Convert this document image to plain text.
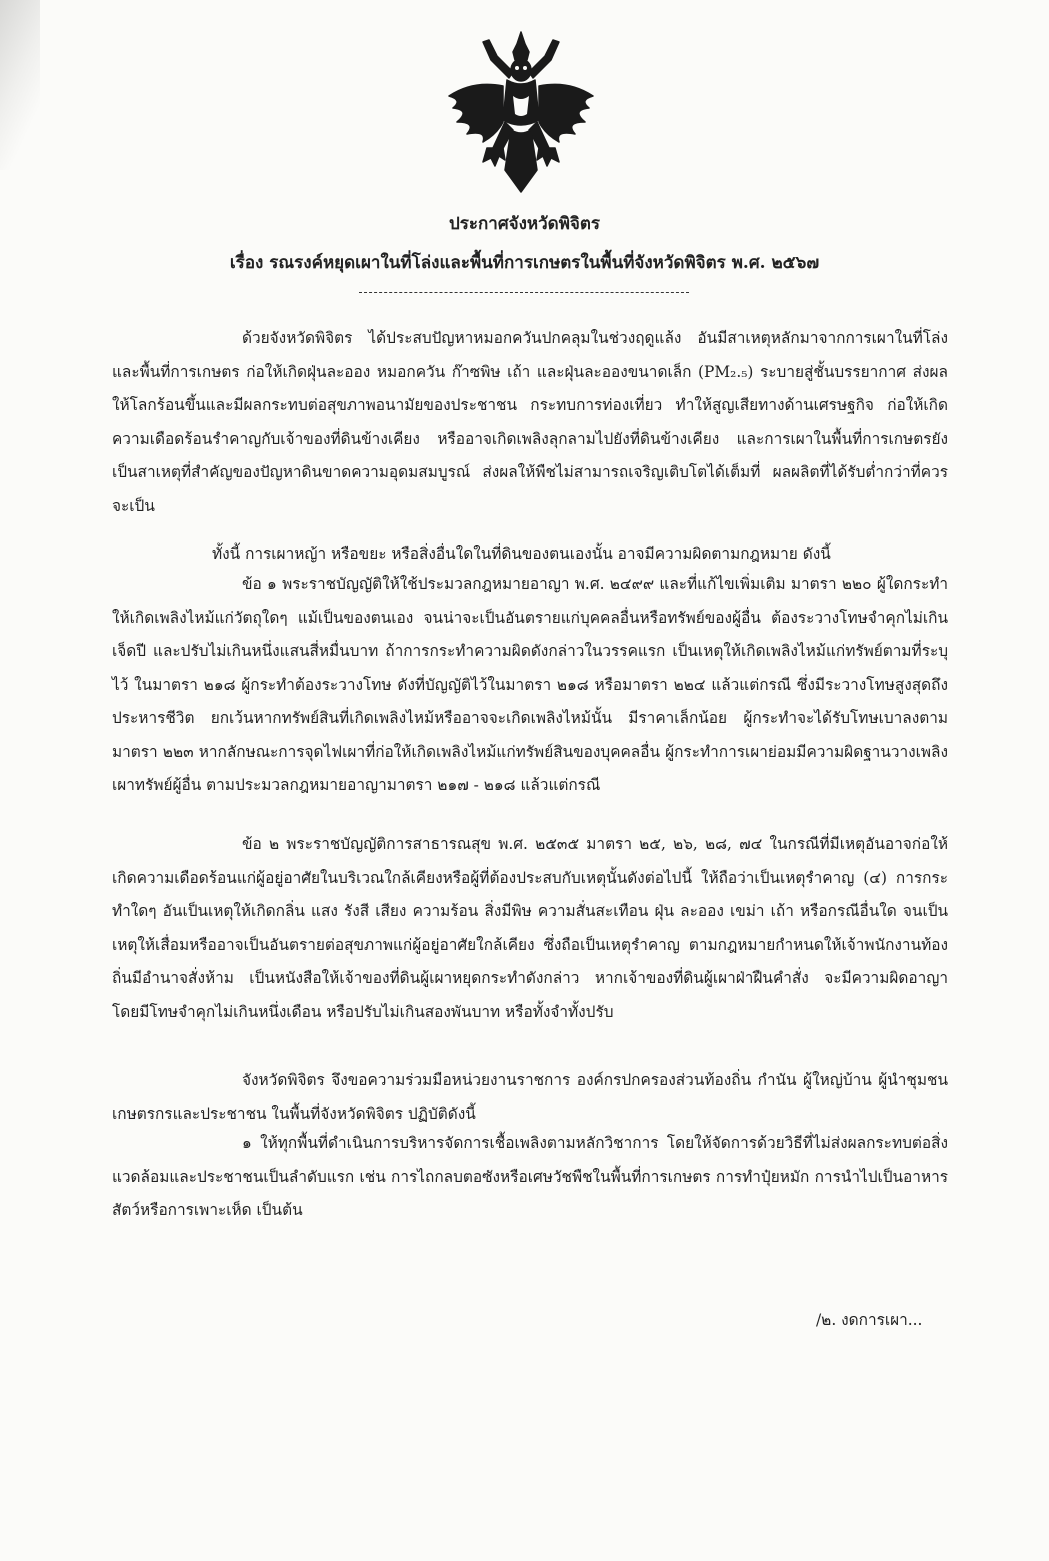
ประกาศจังหวัดพิจิตร
เรื่อง รณรงค์หยุดเผาในที่โล่งและพื้นที่การเกษตรในพื้นที่จังหวัดพิจิตร พ.ศ. ๒๕๖๗
ด้วยจังหวัดพิจิตร ได้ประสบปัญหาหมอกควันปกคลุมในช่วงฤดูแล้ง อันมีสาเหตุหลักมาจากการเผาในที่โล่งและพื้นที่การเกษตร ก่อให้เกิดฝุ่นละออง หมอกควัน ก๊าซพิษ เถ้า และฝุ่นละอองขนาดเล็ก (PM₂.₅) ระบายสู่ชั้นบรรยากาศ ส่งผลให้โลกร้อนขึ้นและมีผลกระทบต่อสุขภาพอนามัยของประชาชน กระทบการท่องเที่ยว ทำให้สูญเสียทางด้านเศรษฐกิจ ก่อให้เกิดความเดือดร้อนรำคาญกับเจ้าของที่ดินข้างเคียง หรืออาจเกิดเพลิงลุกลามไปยังที่ดินข้างเคียง และการเผาในพื้นที่การเกษตรยังเป็นสาเหตุที่สำคัญของปัญหาดินขาดความอุดมสมบูรณ์ ส่งผลให้พืชไม่สามารถเจริญเติบโตได้เต็มที่ ผลผลิตที่ได้รับต่ำกว่าที่ควรจะเป็น
ทั้งนี้ การเผาหญ้า หรือขยะ หรือสิ่งอื่นใดในที่ดินของตนเองนั้น อาจมีความผิดตามกฎหมาย ดังนี้
ข้อ ๑ พระราชบัญญัติให้ใช้ประมวลกฎหมายอาญา พ.ศ. ๒๔๙๙ และที่แก้ไขเพิ่มเติม มาตรา ๒๒๐ ผู้ใดกระทำให้เกิดเพลิงไหม้แก่วัตถุใดๆ แม้เป็นของตนเอง จนน่าจะเป็นอันตรายแก่บุคคลอื่นหรือทรัพย์ของผู้อื่น ต้องระวางโทษจำคุกไม่เกินเจ็ดปี และปรับไม่เกินหนึ่งแสนสี่หมื่นบาท ถ้าการกระทำความผิดดังกล่าวในวรรคแรก เป็นเหตุให้เกิดเพลิงไหม้แก่ทรัพย์ตามที่ระบุไว้ ในมาตรา ๒๑๘ ผู้กระทำต้องระวางโทษ ดังที่บัญญัติไว้ในมาตรา ๒๑๘ หรือมาตรา ๒๒๔ แล้วแต่กรณี ซึ่งมีระวางโทษสูงสุดถึงประหารชีวิต ยกเว้นหากทรัพย์สินที่เกิดเพลิงไหม้หรืออาจจะเกิดเพลิงไหม้นั้น มีราคาเล็กน้อย ผู้กระทำจะได้รับโทษเบาลงตามมาตรา ๒๒๓ หากลักษณะการจุดไฟเผาที่ก่อให้เกิดเพลิงไหม้แก่ทรัพย์สินของบุคคลอื่น ผู้กระทำการเผาย่อมมีความผิดฐานวางเพลิงเผาทรัพย์ผู้อื่น ตามประมวลกฎหมายอาญามาตรา ๒๑๗ - ๒๑๘ แล้วแต่กรณี
ข้อ ๒ พระราชบัญญัติการสาธารณสุข พ.ศ. ๒๕๓๕ มาตรา ๒๕, ๒๖, ๒๘, ๗๔ ในกรณีที่มีเหตุอันอาจก่อให้เกิดความเดือดร้อนแก่ผู้อยู่อาศัยในบริเวณใกล้เคียงหรือผู้ที่ต้องประสบกับเหตุนั้นดังต่อไปนี้ ให้ถือว่าเป็นเหตุรำคาญ (๔) การกระทำใดๆ อันเป็นเหตุให้เกิดกลิ่น แสง รังสี เสียง ความร้อน สิ่งมีพิษ ความสั่นสะเทือน ฝุ่น ละออง เขม่า เถ้า หรือกรณีอื่นใด จนเป็นเหตุให้เสื่อมหรืออาจเป็นอันตรายต่อสุขภาพแก่ผู้อยู่อาศัยใกล้เคียง ซึ่งถือเป็นเหตุรำคาญ ตามกฎหมายกำหนดให้เจ้าพนักงานท้องถิ่นมีอำนาจสั่งห้าม เป็นหนังสือให้เจ้าของที่ดินผู้เผาหยุดกระทำดังกล่าว หากเจ้าของที่ดินผู้เผาฝ่าฝืนคำสั่ง จะมีความผิดอาญา โดยมีโทษจำคุกไม่เกินหนึ่งเดือน หรือปรับไม่เกินสองพันบาท หรือทั้งจำทั้งปรับ
จังหวัดพิจิตร จึงขอความร่วมมือหน่วยงานราชการ องค์กรปกครองส่วนท้องถิ่น กำนัน ผู้ใหญ่บ้าน ผู้นำชุมชน เกษตรกรและประชาชน ในพื้นที่จังหวัดพิจิตร ปฏิบัติดังนี้
๑ ให้ทุกพื้นที่ดำเนินการบริหารจัดการเชื้อเพลิงตามหลักวิชาการ โดยให้จัดการด้วยวิธีที่ไม่ส่งผลกระทบต่อสิ่งแวดล้อมและประชาชนเป็นลำดับแรก เช่น การไถกลบตอซังหรือเศษวัชพืชในพื้นที่การเกษตร การทำปุ๋ยหมัก การนำไปเป็นอาหารสัตว์หรือการเพาะเห็ด เป็นต้น
/๒. งดการเผา...
